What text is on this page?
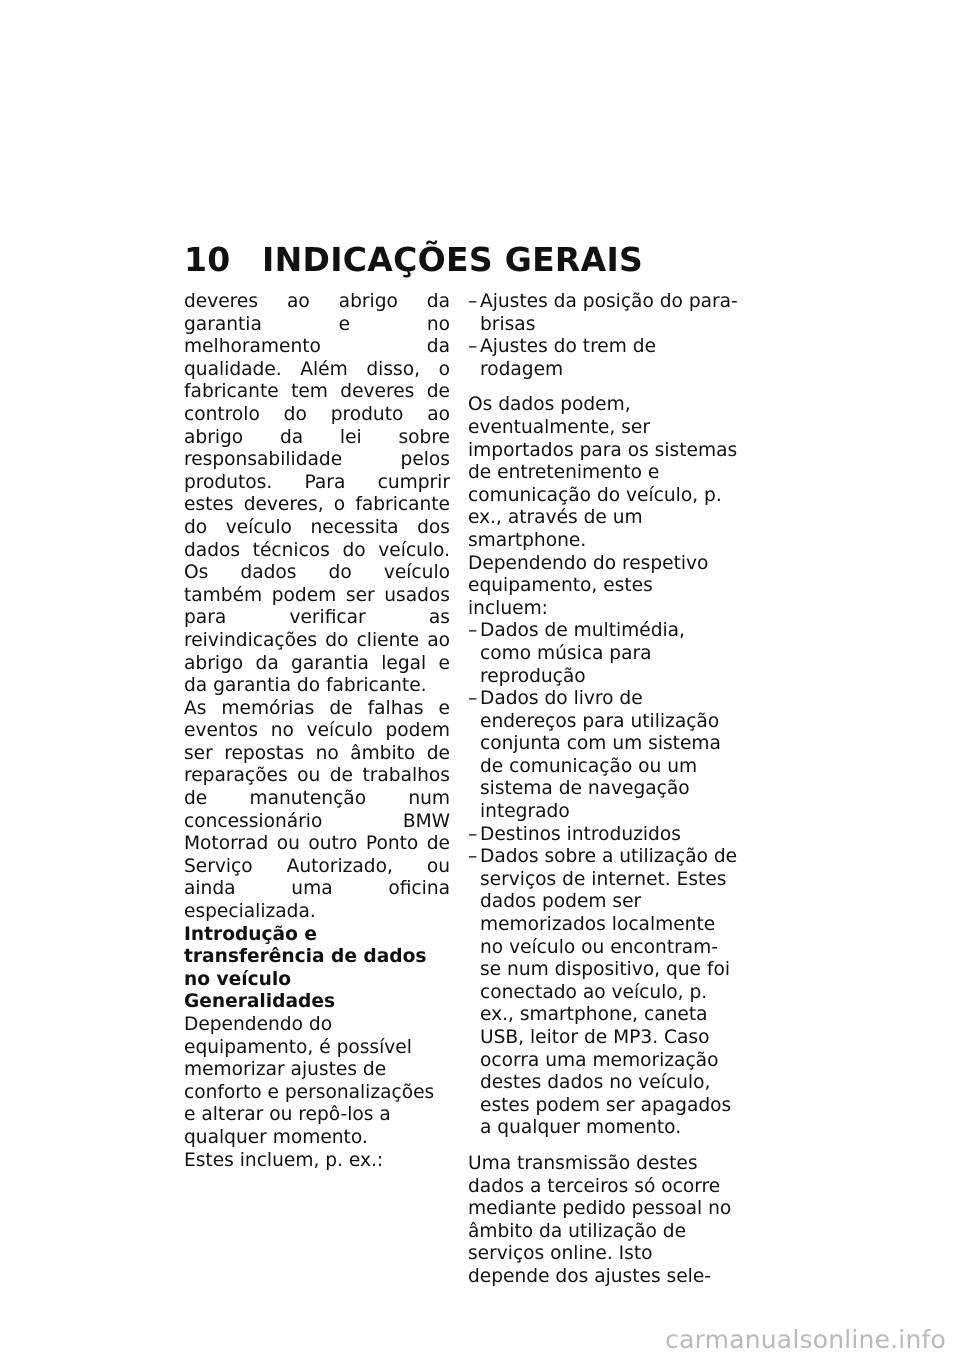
10 INDICAÇÕES GERAIS

deveres ao abrigo da garantia e no melhoramento da qualidade. Além disso, o fabricante tem deveres de controlo do produto ao abrigo da lei sobre responsabilidade pelos produtos. Para cumprir estes deveres, o fabricante do veículo necessita dos dados técnicos do veículo. Os dados do veículo também podem ser usados para verificar as reivindicações do cliente ao abrigo da garantia legal e da garantia do fabricante.

As memórias de falhas e eventos no veículo podem ser repostas no âmbito de reparações ou de trabalhos de manutenção num concessionário BMW Motorrad ou outro Ponto de Serviço Autorizado, ou ainda uma oficina especializada.

Introdução e transferência de dados no veículo

Generalidades

Dependendo do equipamento, é possível memorizar ajustes de conforto e personalizações e alterar ou repô-los a qualquer momento.

Estes incluem, p. ex.:

– Ajustes da posição do para-brisas
– Ajustes do trem de rodagem

Os dados podem, eventualmente, ser importados para os sistemas de entretenimento e comunicação do veículo, p. ex., através de um smartphone.

Dependendo do respetivo equipamento, estes incluem:

– Dados de multimédia, como música para reprodução
– Dados do livro de endereços para utilização conjunta com um sistema de comunicação ou um sistema de navegação integrado
– Destinos introduzidos
– Dados sobre a utilização de serviços de internet. Estes dados podem ser memorizados localmente no veículo ou encontram-se num dispositivo, que foi conectado ao veículo, p. ex., smartphone, caneta USB, leitor de MP3. Caso ocorra uma memorização destes dados no veículo, estes podem ser apagados a qualquer momento.

Uma transmissão destes dados a terceiros só ocorre mediante pedido pessoal no âmbito da utilização de serviços online. Isto depende dos ajustes sele-

carmanualsonline.info
